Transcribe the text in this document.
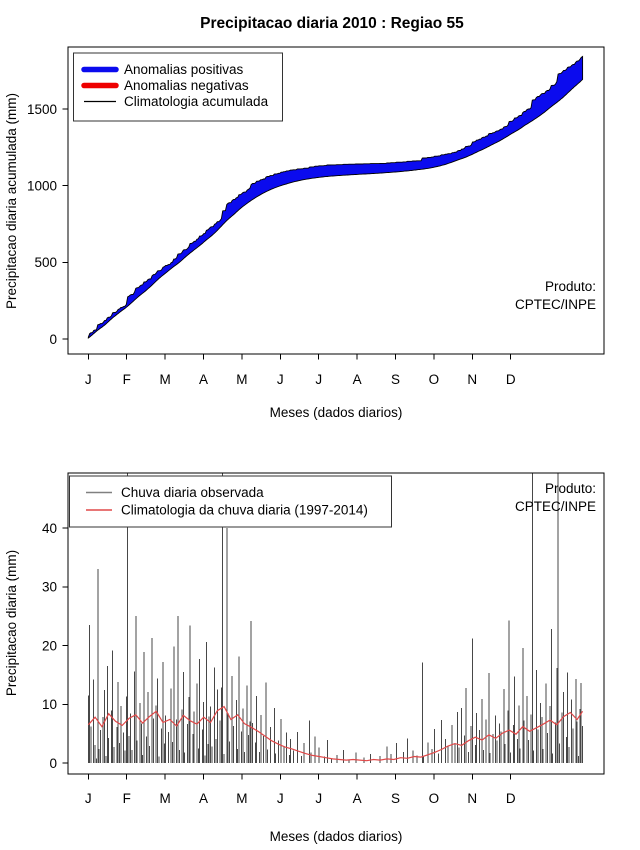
Precipitacao diaria 2010 : Regiao 55
Anomalias positivas
Anomalias negativas
Climatologia acumulada
Produto:
CPTEC/INPE
Precipitacao diaria acumulada (mm)
Meses (dados diarios)
Chuva diaria observada
Climatologia da chuva diaria (1997-2014)
Produto:
CPTEC/INPE
Precipitacao diaria (mm)
Meses (dados diarios)
J
J
F
F
M
M
A
A
M
M
J
J
J
J
A
A
S
S
O
O
N
N
D
D
0
500
1000
1500
0
10
20
30
40
